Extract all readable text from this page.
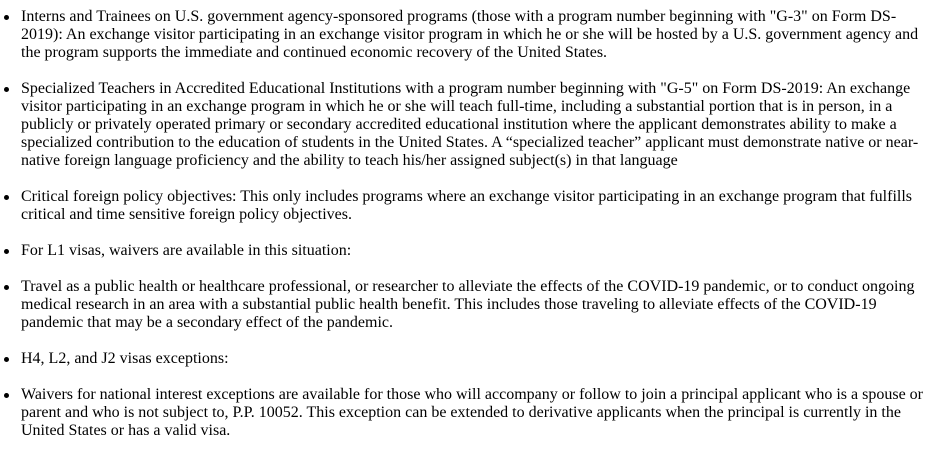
Interns and Trainees on U.S. government agency-sponsored programs (those with a program number beginning with "G-3" on Form DS-2019): An exchange visitor participating in an exchange visitor program in which he or she will be hosted by a U.S. government agency and the program supports the immediate and continued economic recovery of the United States.
Specialized Teachers in Accredited Educational Institutions with a program number beginning with "G-5" on Form DS-2019: An exchange visitor participating in an exchange program in which he or she will teach full-time, including a substantial portion that is in person, in a publicly or privately operated primary or secondary accredited educational institution where the applicant demonstrates ability to make a specialized contribution to the education of students in the United States. A “specialized teacher” applicant must demonstrate native or near-native foreign language proficiency and the ability to teach his/her assigned subject(s) in that language
Critical foreign policy objectives: This only includes programs where an exchange visitor participating in an exchange program that fulfills critical and time sensitive foreign policy objectives.
For L1 visas, waivers are available in this situation:
Travel as a public health or healthcare professional, or researcher to alleviate the effects of the COVID-19 pandemic, or to conduct ongoing medical research in an area with a substantial public health benefit. This includes those traveling to alleviate effects of the COVID-19 pandemic that may be a secondary effect of the pandemic.
H4, L2, and J2 visas exceptions:
Waivers for national interest exceptions are available for those who will accompany or follow to join a principal applicant who is a spouse or parent and who is not subject to, P.P. 10052. This exception can be extended to derivative applicants when the principal is currently in the United States or has a valid visa.
